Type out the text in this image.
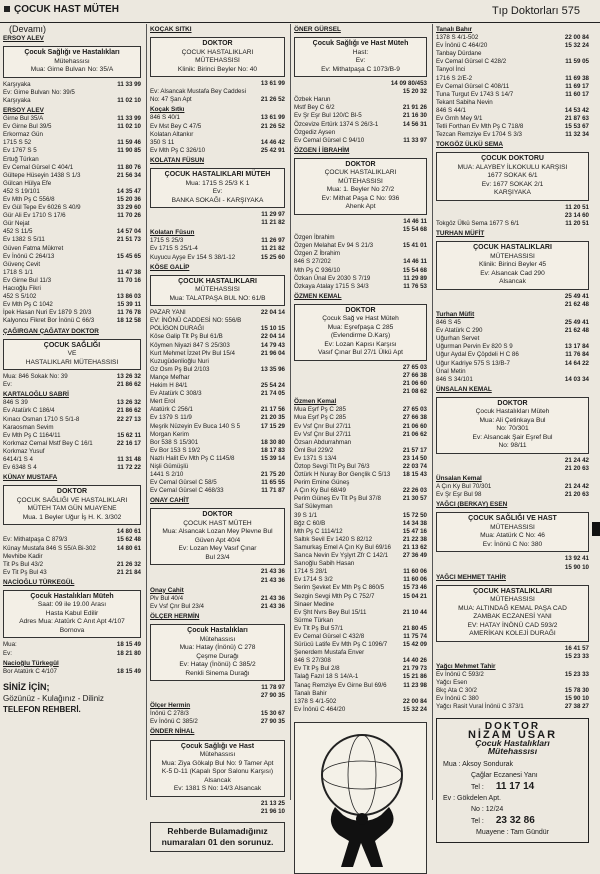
ÇOCUK HAST MÜTEH	Tıp Doktorları 575
(Devamı)
ERSOY ALEV
Çocuk Sağlığı ve Hastalıkları
Mütehassısı
Mua: Girne Bulvarı No: 35/A
Karşıyaka	11 33 99
Ev: Girne Bulvarı No: 39/5
Karşıyaka	11 02 10
ERSOY ALEV
Girne Bul 35/A	11 33 99
Ev Girne Bul 39/5	11 02 10
Erkormaz Gün
1715 S 52	11 59 46
Ev 1767 S 5	11 90 85
Ertuğ Türkan
Ev Cemal Gürsel C 404/1	11 80 76
Gültepe Hüseyin 1438 S 1/3	21 56 34
Gülcan Hülya Efe
452 S 19/101	14 35 47
Ev Mth Pş C 556/8	15 20 36
Ev Gül Tepe Ev 6026 S 40/9	33 29 60
Gür Ali Ev 1710 S 17/6	11 70 26
Gür Nejat
452 S 11/5	14 57 04
Ev 1382 S 5/11	21 51 73
Güven Fatma Mükrret
Ev İnönü C 264/13	15 45 65
Güvenç Cevit
1718 S 1/1	11 47 38
Ev Girne Bul 11/3	11 70 16
Hacıoğlu Fikri
452 S 5/102	13 86 03
Ev Mth Pş C 1042	15 39 11
İpek Hasan Nuri Ev 1879 S 20/3	11 76 78
Kalyoncu Fikret Bor İnönü C 66/3	18 12 58
ÇAĞIRGAN ÇAĞATAY DOKTOR
ÇOCUK SAĞLIĞI
VE
HASTALIKLARI MÜTEHASSISI
Mua: 846 Sokak No: 39	13 26 32
Ev:	21 86 62
KARTALOĞLU SABRİ
846 S 39	13 26 32
Ev Atatürk C 186/4	21 86 62
Kınacı Osman 1710 S 5/1-8	22 27 13
Karaosman Sevim
Ev Mth Pş C 1164/11	15 62 11
Korkmaz Cemal Mstf Bey C 16/1	22 16 17
Korkmaz Yusuf
6414/1 S 4	11 31 48
Ev 6348 S 4	11 72 22
KÜNAY MUSTAFA
DOKTOR
ÇOCUK SAĞLIĞI VE HASTALIKLARI
MÜTEH TAM GÜN MUAYENE
Mua. 1 Beyler Uğur İş H. K. 3/302
14 80 61
Ev: Mithatpaşa C 879/3	15 62 48
Künay Mustafa 846 S 55/A Bi-302	14 80 61
Mevhibe Kadir
Tit Ps Bul 43/2	21 26 32
Ev Tit Pş Bul 43	21 21 84
NACİOĞLU TÜRKEGÜL
Çocuk Hastalıkları Müteh
Saat: 09 ile 19.00 Arası
Hasta Kabul Edilir
Adres Mua: Atatürk C Anıt Apt 4/107
Bornova
Mua:	18 15 49
Ev:	18 21 80
Nacioğlu Türkegül
Bor Atatürk C 4/107	18 15 49
SİNİZ İÇİN;
Gözünüz - Kulağınız - Diliniz
TELEFON REHBERİ.
KOÇAK SITKI
DOKTOR
ÇOCUK HASTALIKLARI
MÜTEHASSISI
Klinik: Birinci Beyler No: 40
13 61 99
Ev: Alsancak Mustafa Bey Caddesi
No: 47 Şan Apt	21 26 52
Koçak Sıtkı
846 S 40/1	13 61 99
Ev Mst Bey C 47/5	21 26 52
Kolatan Altankır
350 S 11	14 46 42
Ev Mth Pş C 326/10	25 42 91
KOLATAN FÜSUN
ÇOCUK HASTALIKLARI MÜTEH
Mua: 1715 S 25/3 K 1
Ev:
BANKA SOKAĞI - KARŞIYAKA
11 29 97
11 21 82
Kolatan Füsun
1715 S 25/3	11 26 97
Ev 1715 S 25/1-4	11 21 82
Kuyucu Ayşe Ev 154 S 38/1-12	15 25 60
KÖSE GALİP
ÇOCUK HASTALIKLARI
MÜTEHASSISI
Mua: TALATPAŞA BUL NO: 61/B
PAZAR YANI	22 04 14
EV: İNÖNÜ CADDESİ NO: 556/B
POLİGON DURAĞI	15 10 15
Köse Galip Tlt Pş Bul 61/B	22 04 14
Köymen Niyazi 847 S 25/303	14 79 43
Kurt Mehmet İzzet Plv Bul 15/4	21 96 04
Kuzugüdenlioğlu Nuri
Gz Osm Pş Bul 2/103	13 35 96
Mançe Mefhar
Hekim H 84/1	25 54 24
Ev Atatürk C 308/3	21 74 05
Mert Erol
Atatürk C 256/1	21 17 56
Ev 1379 S 11/9	21 20 35
Meşrik Nüzeyin Ev Buca 140 S 5	17 15 29
Morgan Kerim
Bor 538 S 15/301	18 30 80
Ev Bor 153 S 19/2	18 17 83
Nazlı Halit Ev Mth Pş C 1145/8	15 39 14
Nişli Gümüşlü
1441 S 2/10	21 75 20
Ev Cemal Gürsel C 58/5	11 65 55
Ev Cemal Gürsel C 468/33	11 71 87
ONAY CAHİT
DOKTOR
ÇOCUK HAST MÜTEH
Mua: Alsancak Lozan Mey Plevne Bul
Güven Apt 40/4
Ev: Lozan Mey Vasıf Çınar
Bul 23/4
21 43 36
21 43 36
Onay Cahit
Plv Bul 40/4	21 43 36
Ev Vsf Çnr Bul 23/4	21 43 36
ÖLÇER HERMİN
Çocuk Hastalıkları
Mütehassısı
Mua: Hatay (İnönü) C 278
Çeşme Durağı
Ev: Hatay (İnönü) C 385/2
Renkli Sinema Durağı
11 78 97
27 90 35
Ölçer Hermin
İnönü C 278/3	15 30 67
Ev İnönü C 385/2	27 90 35
ÖNDER NİHAL
Çocuk Sağlığı ve Hast
Mütehassısı
Mua: Ziya Gökalp Bul No: 9 Tamer Apt
K-5 D-11 (Kapalı Spor Salonu Karşısı)
Alsancak
Ev: 1381 S No: 14/3 Alsancak
21 13 25
21 96 10
Rehberde Bulamadığınız
numaraları 01 den sorunuz.
ÖNER GÜRSEL
Çocuk Sağlığı ve Hast Müteh
Hast:
Ev:
Ev: Mithatpaşa C 1073/B-9
14 09 80/453
15 20 32
Özbek Harun
Mstf Bey C 6/2	21 91 26
Ev Şr Eşr Bul 120/C Bl-5	21 16 30
Özcevize Ertürk 1374 S 26/3-1	14 56 31
Özgediz Aysen
Ev Cemal Gürsel C 94/10	11 33 97
ÖZGEN İ İBRAHİM
DOKTOR
ÇOCUK HASTALIKLARI
MÜTEHASSISI
Mua: 1. Beyler No 27/2
Ev: Mithat Paşa C No: 936
Ahenk Apt
14 46 11
15 54 68
Özgen İbrahim
Özgen Melahat Ev 94 S 21/3	15 41 01
Özgen Z İbrahim
846 S 27/202	14 46 11
Mth Pş C 936/10	15 54 68
Özkan Ünal Ev 2030 S 7/19	11 29 89
Özkaya Atalay 1715 S 34/3	11 76 53
ÖZMEN KEMAL
DOKTOR
Çocuk Sağ ve Hast Müteh
Mua: Eşrefpaşa C 285
(Evlendirme D.Karş)
Ev: Lozan Kapısı Karşısı
Vasıf Çınar Bul 27/1 Ülkü Apt
27 65 03
27 66 38
21 06 60
21 08 62
Özmen Kemal
Mua Eşrf Pş C 285	27 65 03
Mua Eşrf Pş C 285	27 66 38
Ev Vsf Çnr Bul 27/11	21 06 60
Ev Vsf Çnr Bul 27/11	21 06 62
Özsarı Abdurrahman
Öml Bul 229/2	21 57 17
Ev 1371 S 13/4	23 14 50
Öztop Sevgi Tlt Pş Bul 76/3	22 03 74
Öztürk H Nuray Bor Gençlik C 5/13 18 15 43
Perim Emine Güneş
A Çın Ky Bul 68/49	22 26 03
Perim Güneş Ev Tlt Pş Bul 37/8	21 30 57
Saf Süleyman
39 S 1/1	15 72 50
Bğz C 60/B	14 34 38
Mth Pş C 1114/12	15 47 16
Saltık Sevil Ev 1420 S 82/12	21 22 38
Samurkaş Emel A Çın Ky Bul 69/16 21 13 62
Sarıca Nevin Ev Yşlyrt Zfr C 142/1 27 36 49
Sarıoğlu Sabih Hasan
1714 S 28/1	11 60 06
Ev 1714 S 3/2	11 60 06
Serim Şevket Ev Mth Pş C 860/5	15 73 46
Sezgin Sevgi Mth Pş C 752/7	15 04 21
Sinaer Medine
Ev Şht Nvrs Bey Bul 15/11	21 10 44
Sürme Türkan
Ev Tlt Pş Bul 57/1	21 80 45
Ev Cemal Gürsel C 432/8	11 75 74
Sürücü Latife Ev Mth Pş C 1096/7	15 42 09
Şenerdem Mustafa Enver
846 S 27/308	14 40 26
Ev Tlt Pş Bul 2/8	21 79 73
Talağ Fazıl 18 S 14/A-1	15 21 86
Tanaç Remziye Ev Girne Bul 69/6	11 23 98
Tanalı Bahir
1378 S 4/1-502	22 00 84
Ev İnönü C 464/20	15 32 24
Tanalı Bahır
1378 S 4/1-502	22 00 84
Ev İnönü C 464/20	15 32 24
Tanbay Dürdane
Ev Cemal Gürsel C 428/2	11 59 05
Tanyol İnci
1716 S 2/E-2	11 69 38
Ev Cemal Gürsel C 408/11	11 69 17
Tuna Turgut Ev 1743 S 14/7	11 60 17
Tekant Sabiha Nevin
846 S 44/1	14 53 42
Ev Grnh Mey 9/1	21 87 63
Tetli Forthan Ev Mth Pş C 718/8	15 53 67
Tezcan Remziye Ev 1704 S 3/3	11 32 34
TOKGÖZ ÜLKÜ SEMA
ÇOCUK DOKTORU
MUA: ALAYBEY İLKOKULU KARŞISI
1677 SOKAK 6/1
Ev: 1677 SOKAK 2/1
KARŞIYAKA
11 20 51
23 14 60
Tokgöz Ülkü Sema 1677 S 6/1	11 20 51
TURHAN MÜFİT
ÇOCUK HASTALIKLARI
MÜTEHASSISI
Klinik: Birinci Beyler 45
Ev: Alsancak Cad 290
Alsancak
25 49 41
21 62 48
Turhan Müfit
846 S 45	25 49 41
Ev Atatürk C 290	21 62 48
Uğurhan Servet
Uğurman Pervin Ev 820 S 9	13 17 84
Uğur Aydal Ev Çöpdeli H C 86	11 76 84
Uğur Kadriye 575 S 13/B-7	14 64 22
Ünal Metin
846 S 34/101	14 03 34
ÜNSALAN KEMAL
DOKTOR
Çocuk Hastalıkları Müteh
Mua: Ali Çetinkaya Bul
No: 70/301
Ev: Alsancak Şair Eşref Bul
No: 98/11
21 24 42
21 20 63
Ünsalan Kemal
A Çın Ky Bul 70/301	21 24 42
Ev Şr Eşr Bul 98	21 20 63
YAĞCI (BERKAY) ESEN
ÇOCUK SAĞLIĞI VE HAST
MÜTEHASSISI
Mua: Atatürk C No: 46
Ev: İnönü C No: 380
13 92 41
15 90 10
YAĞCI MEHMET TAHİR
ÇOCUK HASTALIKLARI
MÜTEHASSISI
MUA: ALTINDAĞ KEMAL PAŞA CAD
ZAMBAK ECZANESİ YANI
EV: HATAY İNÖNÜ CAD 593/2
AMERİKAN KOLEJİ DURAĞI
16 41 57
15 23 33
Yağcı Mehmet Tahir
Ev İnönü C 593/2	15 23 33
Yağcı Esen
Bkç Ata C 30/2	15 78 30
Ev İnönü C 380	15 90 10
Yağcı Rasit Vural İnönü C 373/1	27 38 27
DOKTOR
NİZAM USAR
Çocuk Hastalıkları
Mütehassısı
Mua : Aksoy Sondurak
Çağlar Eczanesi Yanı
Tel : 11 17 14
Ev : Gökdelen Apt.
No : 12/24
Tel : 23 32 86
Muayene : Tam Gündür
